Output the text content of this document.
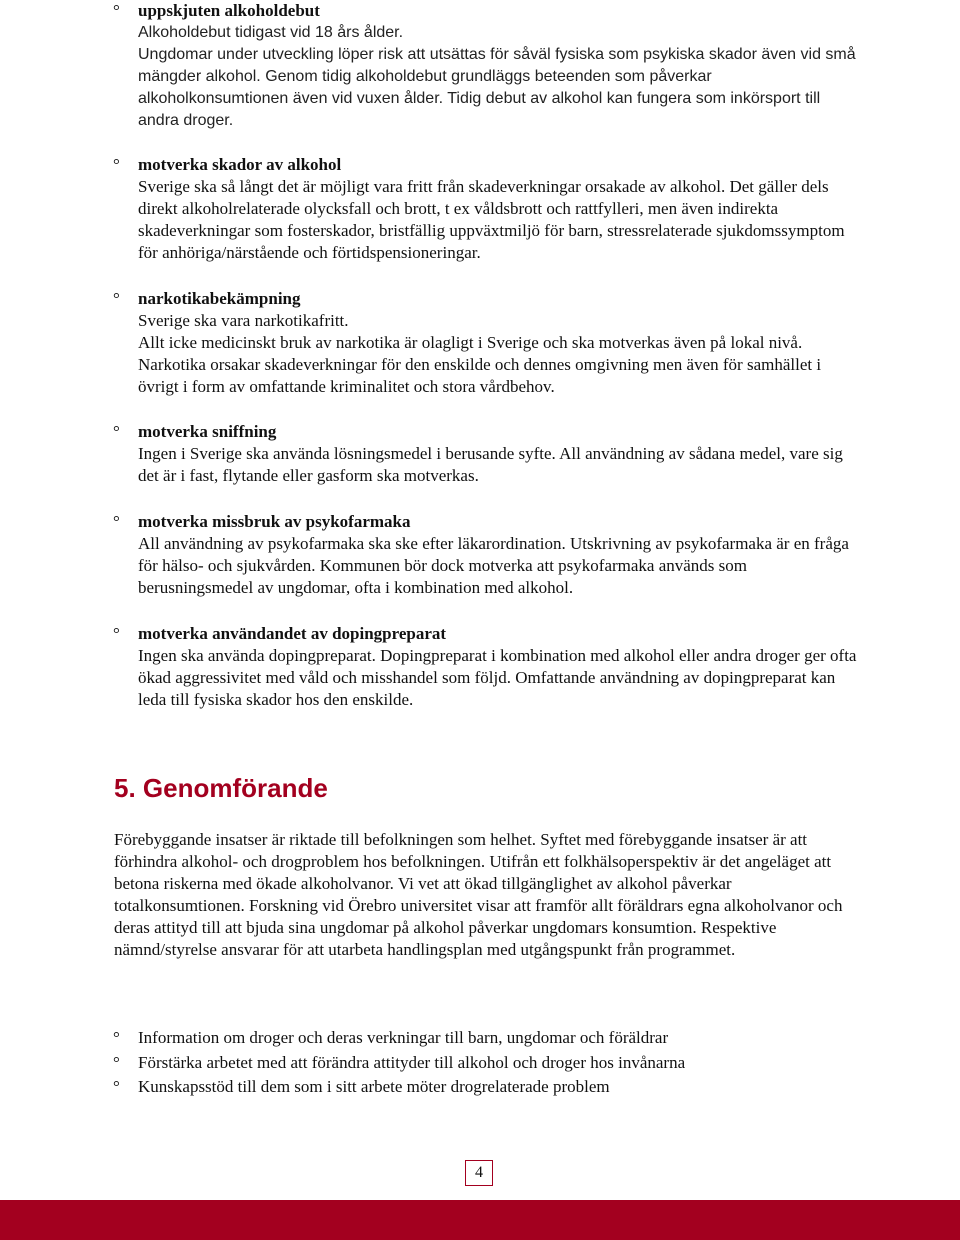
° uppskjuten alkoholdebut
Alkoholdebut tidigast vid 18 års ålder.
Ungdomar under utveckling löper risk att utsättas för såväl fysiska som psykiska skador även vid små mängder alkohol. Genom tidig alkoholdebut grundläggs beteenden som påverkar alkoholkonsumtionen även vid vuxen ålder. Tidig debut av alkohol kan fungera som inkörsport till andra droger.
° motverka skador av alkohol
Sverige ska så långt det är möjligt vara fritt från skadeverkningar orsakade av alkohol. Det gäller dels direkt alkoholrelaterade olycksfall och brott, t ex våldsbrott och rattfylleri, men även indirekta skadeverkningar som fosterskador, bristfällig uppväxtmiljö för barn, stressrelaterade sjukdomssymptom för anhöriga/närstående och förtidspensioneringar.
° narkotikabekämpning
Sverige ska vara narkotikafritt.
Allt icke medicinskt bruk av narkotika är olagligt i Sverige och ska motverkas även på lokal nivå. Narkotika orsakar skadeverkningar för den enskilde och dennes omgivning men även för samhället i övrigt i form av omfattande kriminalitet och stora vårdbehov.
° motverka sniffning
Ingen i Sverige ska använda lösningsmedel i berusande syfte. All användning av sådana medel, vare sig det är i fast, flytande eller gasform ska motverkas.
° motverka missbruk av psykofarmaka
All användning av psykofarmaka ska ske efter läkarordination. Utskrivning av psykofarmaka är en fråga för hälso- och sjukvården. Kommunen bör dock motverka att psykofarmaka används som berusningsmedel av ungdomar, ofta i kombination med alkohol.
° motverka användandet av dopingpreparat
Ingen ska använda dopingpreparat. Dopingpreparat i kombination med alkohol eller andra droger ger ofta ökad aggressivitet med våld och misshandel som följd. Omfattande användning av dopingpreparat kan leda till fysiska skador hos den enskilde.
5. Genomförande

Förebyggande insatser är riktade till befolkningen som helhet. Syftet med förebyggande insatser är att förhindra alkohol- och drogproblem hos befolkningen. Utifrån ett folkhälsoperspektiv är det angeläget att betona riskerna med ökade alkoholvanor. Vi vet att ökad tillgänglighet av alkohol påverkar totalkonsumtionen. Forskning vid Örebro universitet visar att framför allt föräldrars egna alkoholvanor och deras attityd till att bjuda sina ungdomar på alkohol påverkar ungdomars konsumtion. Respektive nämnd/styrelse ansvarar för att utarbeta handlingsplan med utgångspunkt från programmet.

° Information om droger och deras verkningar till barn, ungdomar och föräldrar
° Förstärka arbetet med att förändra attityder till alkohol och droger hos invånarna
° Kunskapsstöd till dem som i sitt arbete möter drogrelaterade problem
4
